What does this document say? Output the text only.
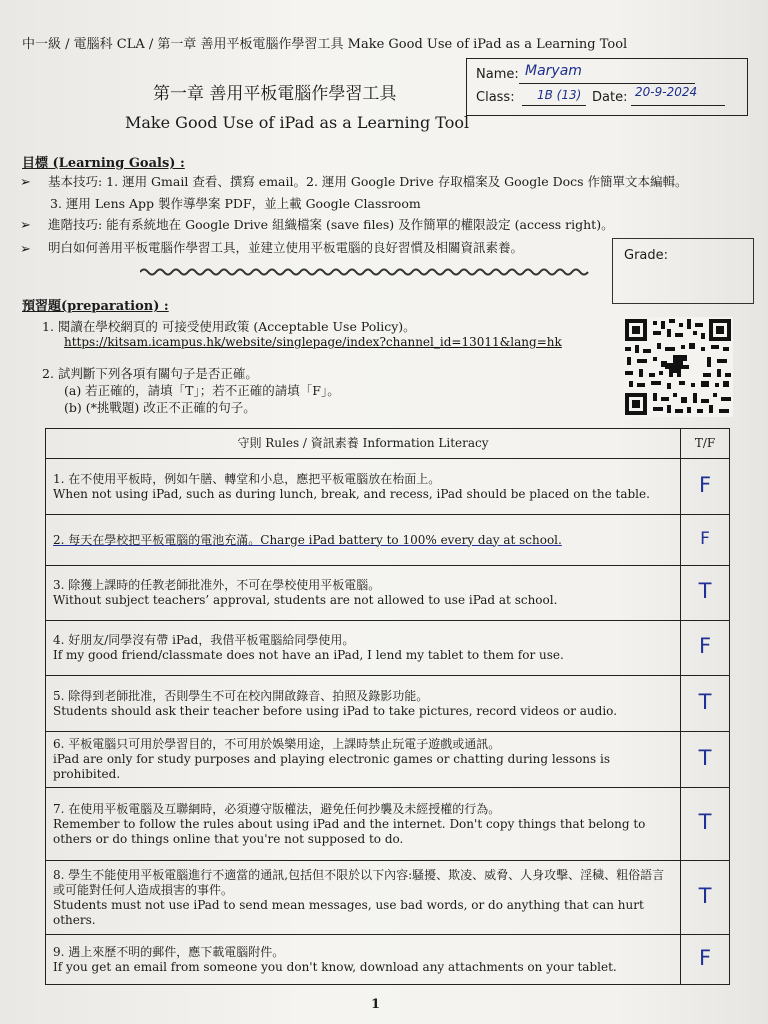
中一級 / 電腦科 CLA / 第一章 善用平板電腦作學習工具 Make Good Use of iPad as a Learning Tool
第一章 善用平板電腦作學習工具
Make Good Use of iPad as a Learning Tool
Name: Maryam
Class: 1B (13) Date: 20-9-2024
目標 (Learning Goals) :
➢ 基本技巧: 1. 運用 Gmail 查看、撰寫 email。2. 運用 Google Drive 存取檔案及 Google Docs 作簡單文本編輯。
3. 運用 Lens App 製作導學案 PDF，並上載 Google Classroom
➢ 進階技巧: 能有系統地在 Google Drive 組織檔案 (save files) 及作簡單的權限設定 (access right)。
➢ 明白如何善用平板電腦作學習工具，並建立使用平板電腦的良好習慣及相關資訊素養。
Grade:
預習題(preparation) :
1. 閱讀在學校網頁的 可接受使用政策 (Acceptable Use Policy)。
https://kitsam.icampus.hk/website/singlepage/index?channel_id=13011&lang=hk
2. 試判斷下列各項有關句子是否正確。
(a) 若正確的，請填「T」；若不正確的請填「F」。
(b) (*挑戰題) 改正不正確的句子。
守則 Rules / 資訊素養 Information Literacy	T/F

1. 在不使用平板時，例如午膳、轉堂和小息，應把平板電腦放在枱面上。
When not using iPad, such as during lunch, break, and recess, iPad should be placed on the table.	F

2. 每天在學校把平板電腦的電池充滿。Charge iPad battery to 100% every day at school.	F

3. 除獲上課時的任教老師批准外，不可在學校使用平板電腦。
Without subject teachers’ approval, students are not allowed to use iPad at school.	T

4. 好朋友/同學沒有帶 iPad，我借平板電腦給同學使用。
If my good friend/classmate does not have an iPad, I lend my tablet to them for use.	F

5. 除得到老師批准，否則學生不可在校內開啟錄音、拍照及錄影功能。
Students should ask their teacher before using iPad to take pictures, record videos or audio.	T

6. 平板電腦只可用於學習目的，不可用於娛樂用途，上課時禁止玩電子遊戲或通訊。
iPad are only for study purposes and playing electronic games or chatting during lessons is prohibited.	T

7. 在使用平板電腦及互聯網時，必須遵守版權法，避免任何抄襲及未經授權的行為。
Remember to follow the rules about using iPad and the internet. Don't copy things that belong to others or do things online that you're not supposed to do.	T

8. 學生不能使用平板電腦進行不適當的通訊,包括但不限於以下內容:騷擾、欺凌、威脅、人身攻擊、淫穢、粗俗語言或可能對任何人造成損害的事件。
Students must not use iPad to send mean messages, use bad words, or do anything that can hurt others.	T

9. 遇上來歷不明的郵件，應下載電腦附件。
If you get an email from someone you don't know, download any attachments on your tablet.	F
1
